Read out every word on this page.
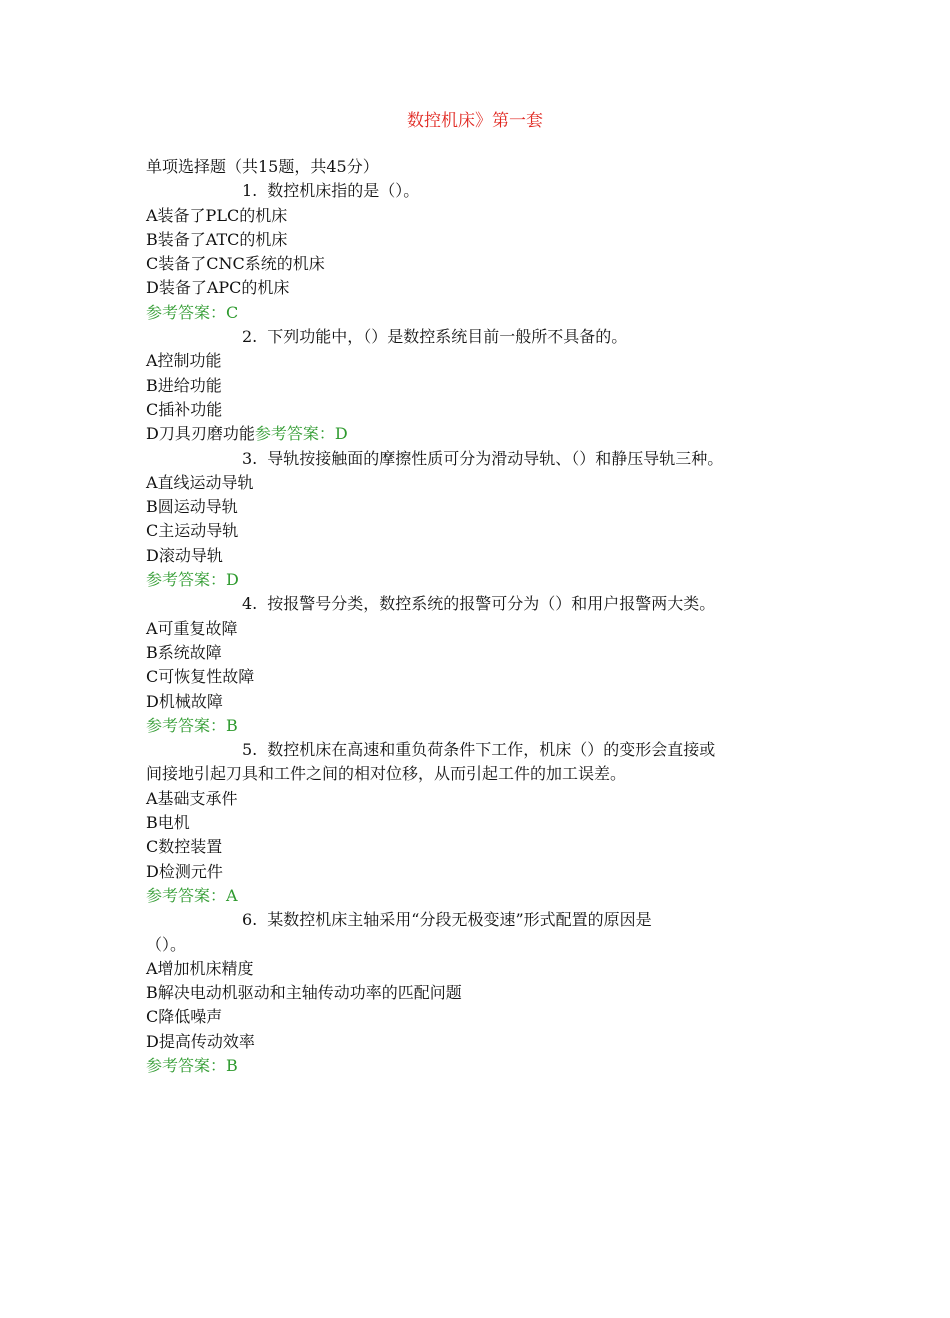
数控机床》第一套
单项选择题（共15题，共45分）
1. 数控机床指的是（）。
A装备了PLC的机床
B装备了ATC的机床
C装备了CNC系统的机床
D装备了APC的机床
参考答案：C
2. 下列功能中，（）是数控系统目前一般所不具备的。
A控制功能
B进给功能
C插补功能
D刀具刃磨功能参考答案：D
3. 导轨按接触面的摩擦性质可分为滑动导轨、（）和静压导轨三种。
A直线运动导轨
B圆运动导轨
C主运动导轨
D滚动导轨
参考答案：D
4. 按报警号分类，数控系统的报警可分为（）和用户报警两大类。
A可重复故障
B系统故障
C可恢复性故障
D机械故障
参考答案：B
5. 数控机床在高速和重负荷条件下工作，机床（）的变形会直接或
间接地引起刀具和工件之间的相对位移，从而引起工件的加工误差。
A基础支承件
B电机
C数控装置
D检测元件
参考答案：A
6. 某数控机床主轴采用“分段无极变速”形式配置的原因是
（）。
A增加机床精度
B解决电动机驱动和主轴传动功率的匹配问题
C降低噪声
D提高传动效率
参考答案：B
